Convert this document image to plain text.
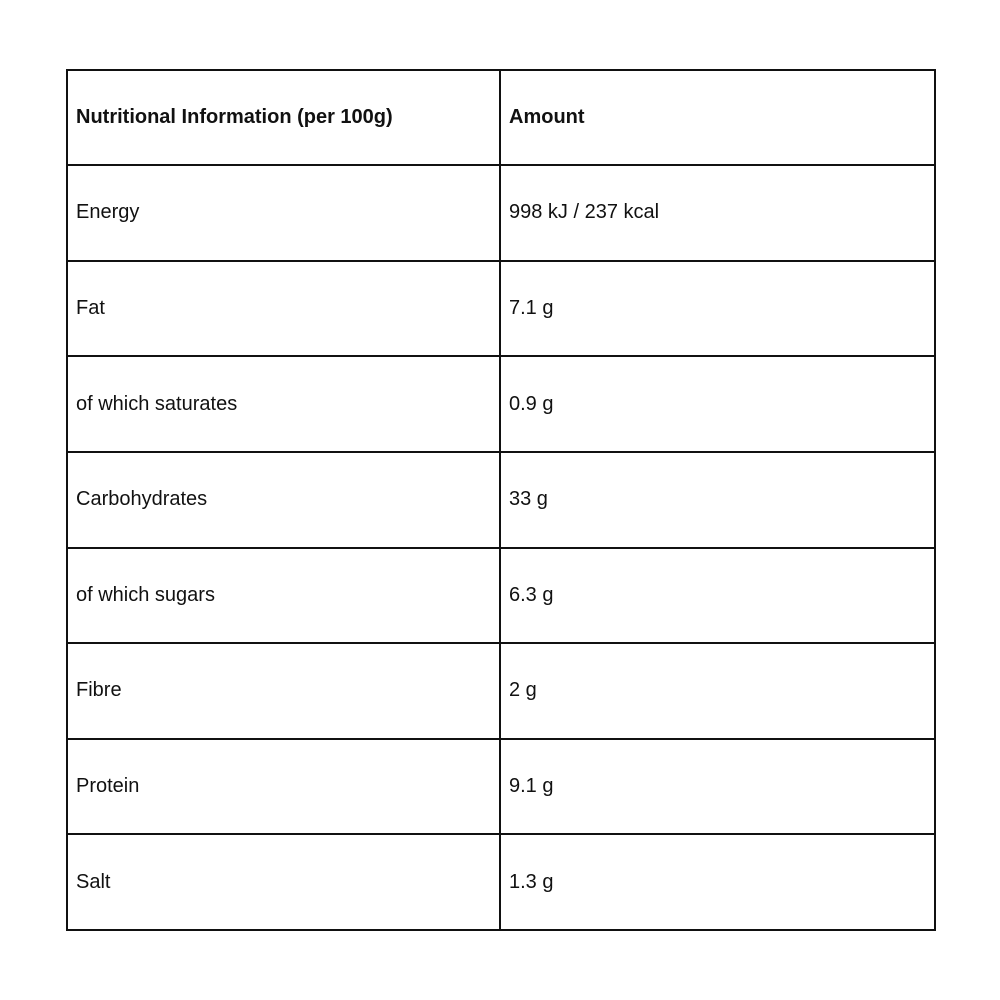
Nutritional Information (per 100g)	Amount
Energy	998 kJ / 237 kcal
Fat	7.1 g
of which saturates	0.9 g
Carbohydrates	33 g
of which sugars	6.3 g
Fibre	2 g
Protein	9.1 g
Salt	1.3 g
